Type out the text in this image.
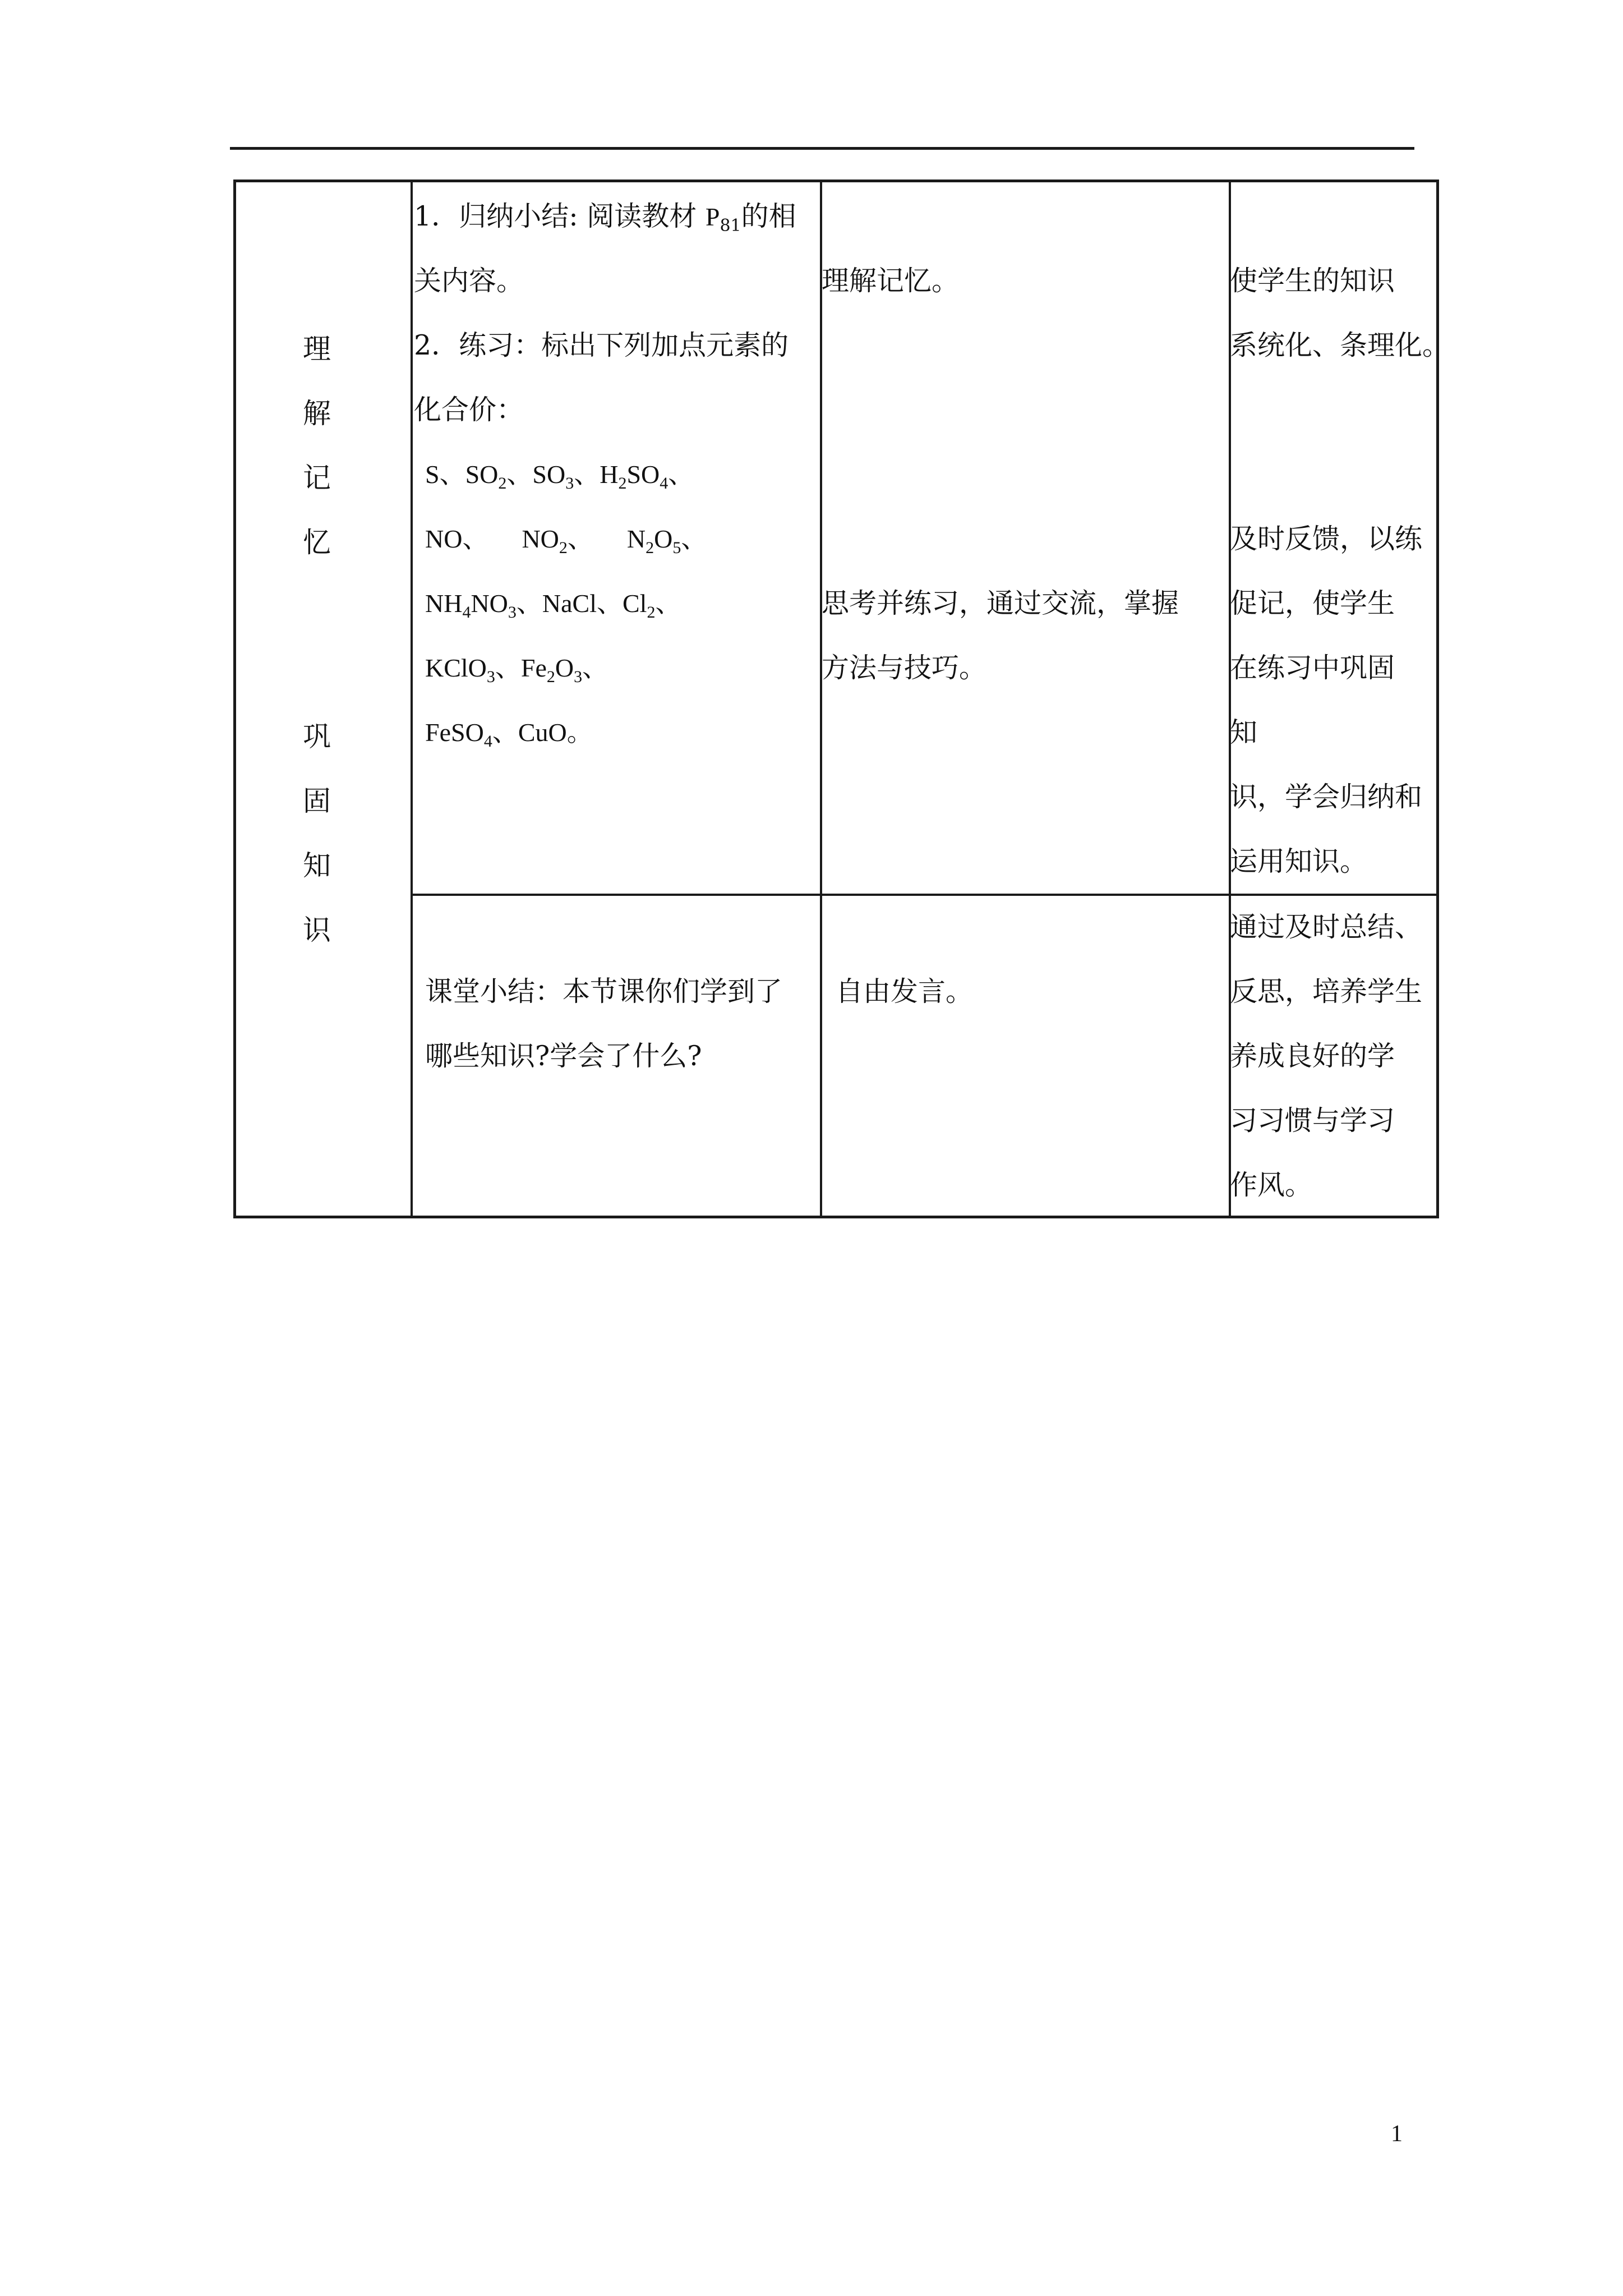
理
解
记
忆
巩
固
知
识
1．归纳小结: 阅读教材 $P_{81}$的相
关内容。
2．练习：标出下列加点元素的
化合价：
S、$SO_2$、$SO_3$、$H_2SO_4$、
NO、 $NO_2$、 $N_2O_5$、
$NH_4NO_3$、NaCl、$Cl_2$、
KClO$_3$、$Fe_2O_3$、
FeSO$_4$、CuO。
理解记忆。
思考并练习，通过交流，掌握
方法与技巧。
使学生的知识
系统化、条理化。
及时反馈，以练
促记，使学生
在练习中巩固
知
识，学会归纳和
运用知识。
课堂小结：本节课你们学到了
哪些知识?学会了什么?
自由发言。
通过及时总结、
反思，培养学生
养成良好的学
习习惯与学习
作风。
1
